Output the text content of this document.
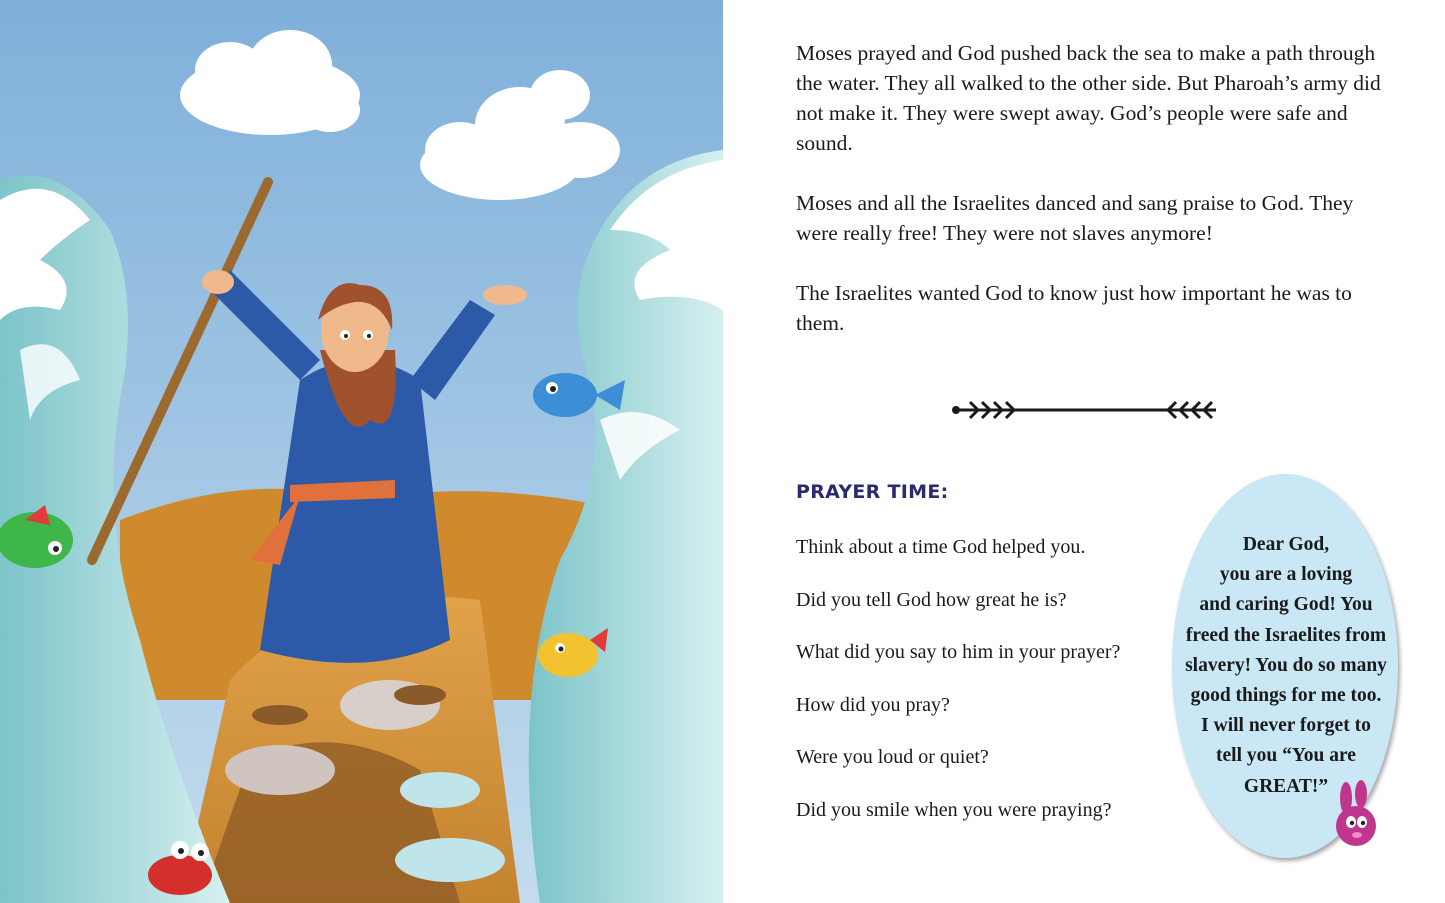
Moses prayed and God pushed back the sea to make a path through the water. They all walked to the other side. But Pharoah’s army did not make it. They were swept away. God’s people were safe and sound.

Moses and all the Israelites danced and sang praise to God. They were really free! They were not slaves anymore!

The Israelites wanted God to know just how important he was to them.

PRAYER TIME:
Think about a time God helped you.
Did you tell God how great he is?
What did you say to him in your prayer?
How did you pray?
Were you loud or quiet?
Did you smile when you were praying?
Dear God,
you are a loving
and caring God! You
freed the Israelites from
slavery! You do so many
good things for me too.
I will never forget to
tell you “You are
GREAT!”
